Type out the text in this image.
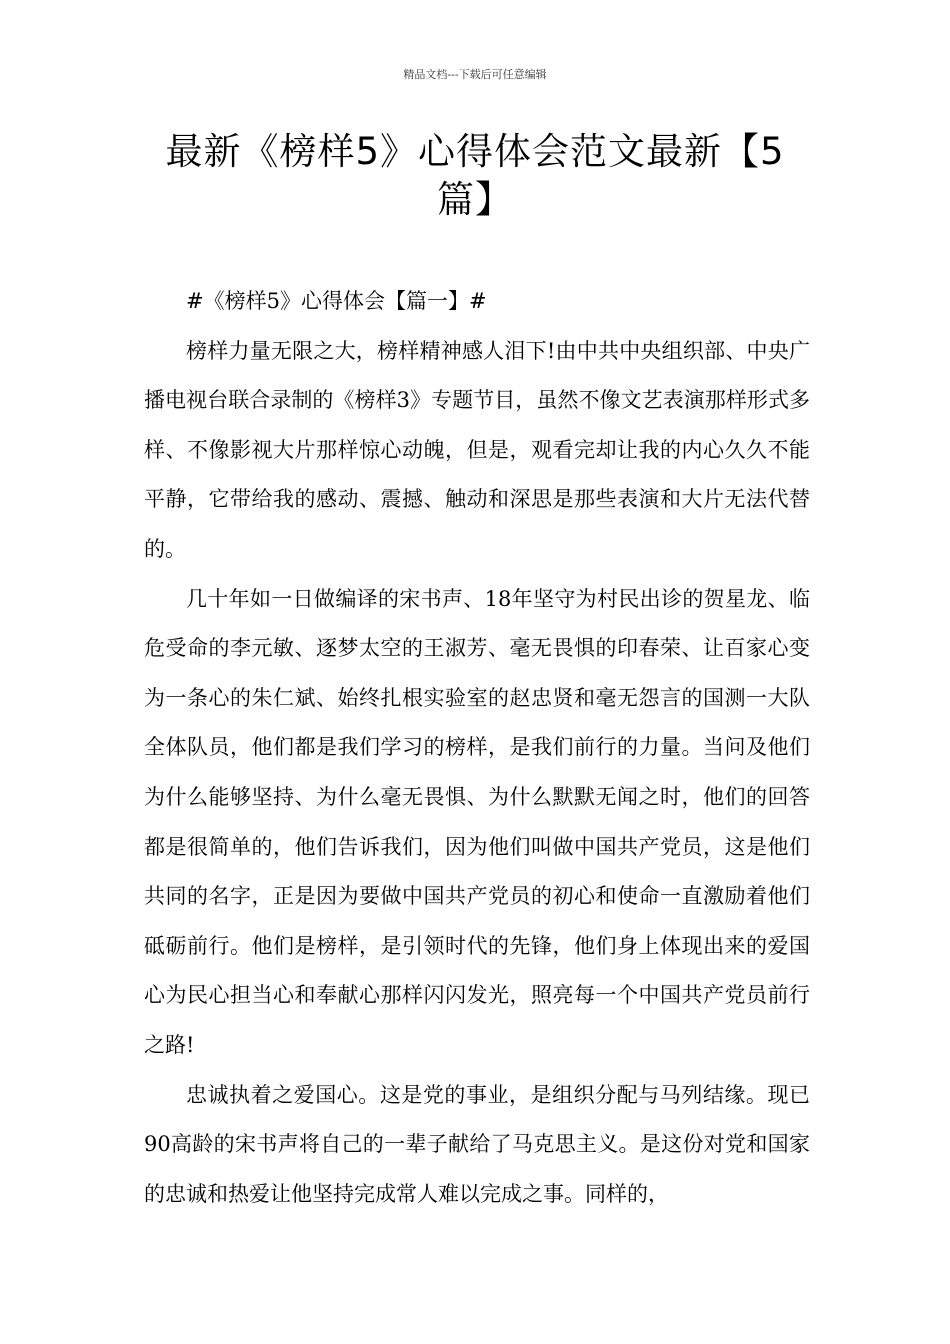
精品文档---下载后可任意编辑
最新《榜样5》心得体会范文最新【5篇】

#《榜样5》心得体会【篇一】#

榜样力量无限之大，榜样精神感人泪下!由中共中央组织部、中央广播电视台联合录制的《榜样3》专题节目，虽然不像文艺表演那样形式多样、不像影视大片那样惊心动魄，但是，观看完却让我的内心久久不能平静，它带给我的感动、震撼、触动和深思是那些表演和大片无法代替的。

几十年如一日做编译的宋书声、18年坚守为村民出诊的贺星龙、临危受命的李元敏、逐梦太空的王淑芳、毫无畏惧的印春荣、让百家心变为一条心的朱仁斌、始终扎根实验室的赵忠贤和毫无怨言的国测一大队全体队员，他们都是我们学习的榜样，是我们前行的力量。当问及他们为什么能够坚持、为什么毫无畏惧、为什么默默无闻之时，他们的回答都是很简单的，他们告诉我们，因为他们叫做中国共产党员，这是他们共同的名字，正是因为要做中国共产党员的初心和使命一直激励着他们砥砺前行。他们是榜样，是引领时代的先锋，他们身上体现出来的爱国心为民心担当心和奉献心那样闪闪发光，照亮每一个中国共产党员前行之路!

忠诚执着之爱国心。这是党的事业，是组织分配与马列结缘。现已90高龄的宋书声将自己的一辈子献给了马克思主义。是这份对党和国家的忠诚和热爱让他坚持完成常人难以完成之事。同样的，
